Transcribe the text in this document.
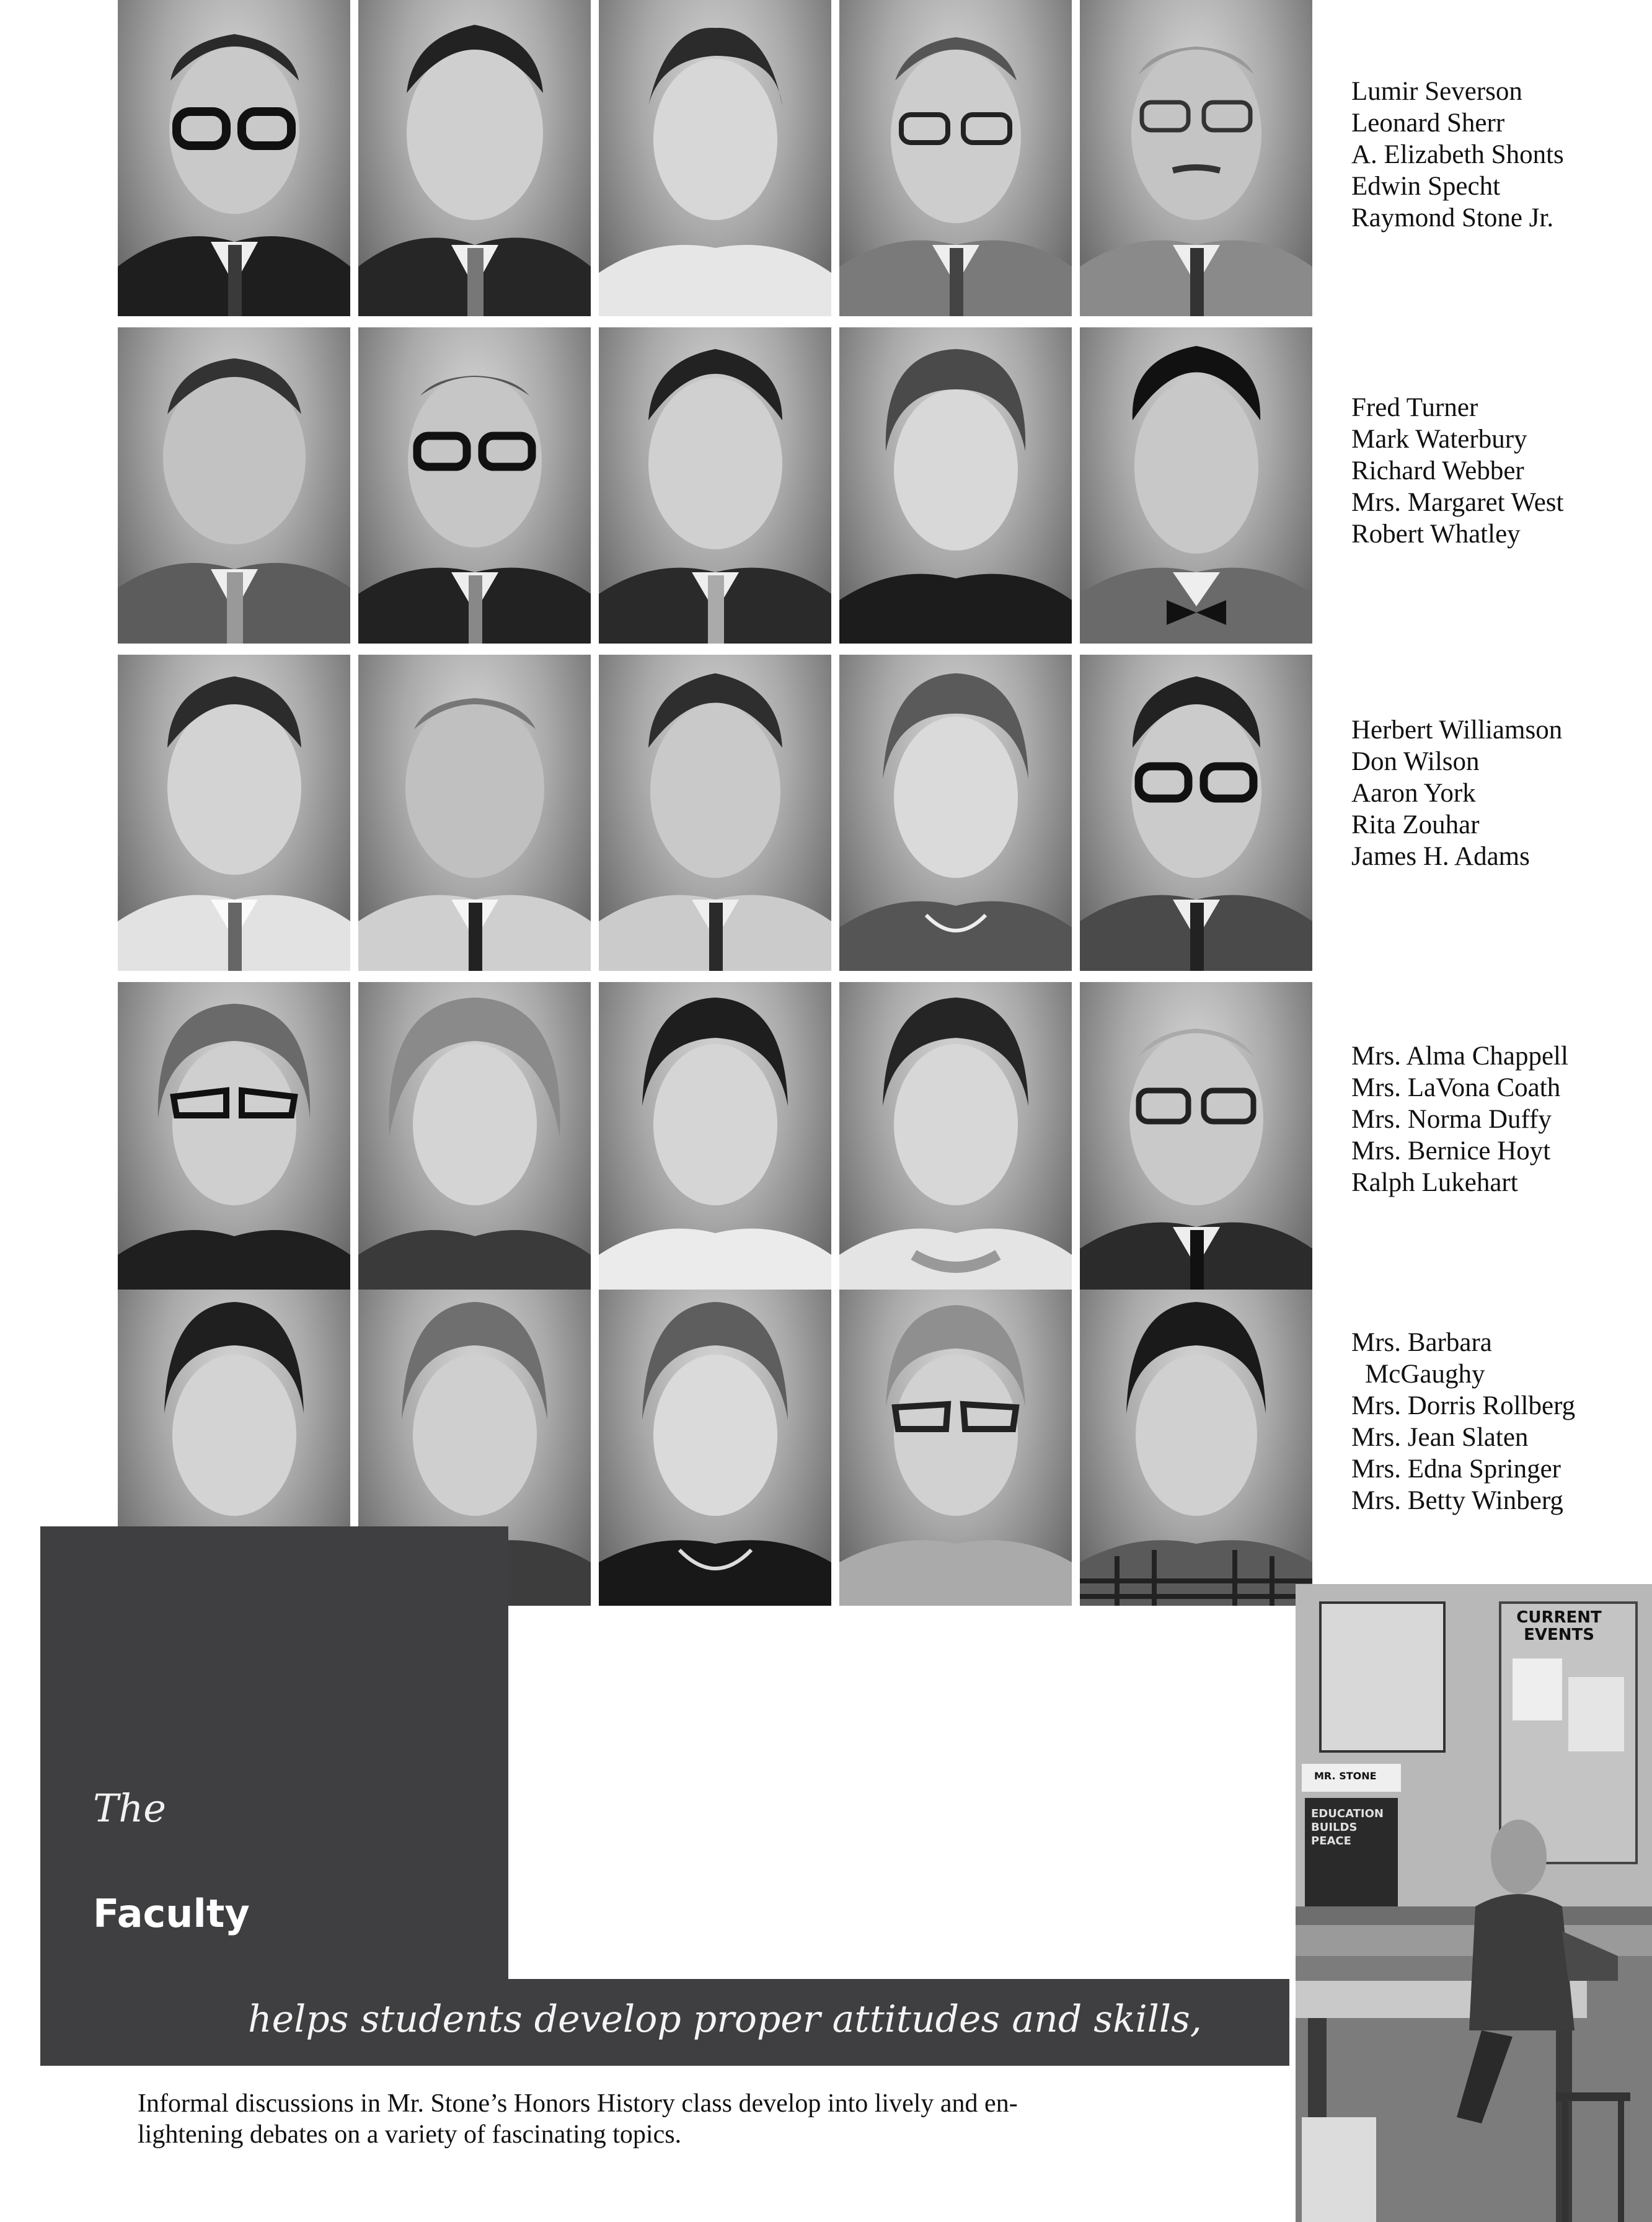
Lumir Severson
Leonard Sherr
A. Elizabeth Shonts
Edwin Specht
Raymond Stone Jr.
Fred Turner
Mark Waterbury
Richard Webber
Mrs. Margaret West
Robert Whatley
Herbert Williamson
Don Wilson
Aaron York
Rita Zouhar
James H. Adams
Mrs. Alma Chappell
Mrs. LaVona Coath
Mrs. Norma Duffy
Mrs. Bernice Hoyt
Ralph Lukehart
Mrs. Barbara
McGaughy
Mrs. Dorris Rollberg
Mrs. Jean Slaten
Mrs. Edna Springer
Mrs. Betty Winberg
The
Faculty
helps students develop proper attitudes and skills,
Informal discussions in Mr. Stone’s Honors History class develop into lively and en-
lightening debates on a variety of fascinating topics.
CURRENT
EVENTS
MR. STONE
EDUCATION
BUILDS
PEACE
